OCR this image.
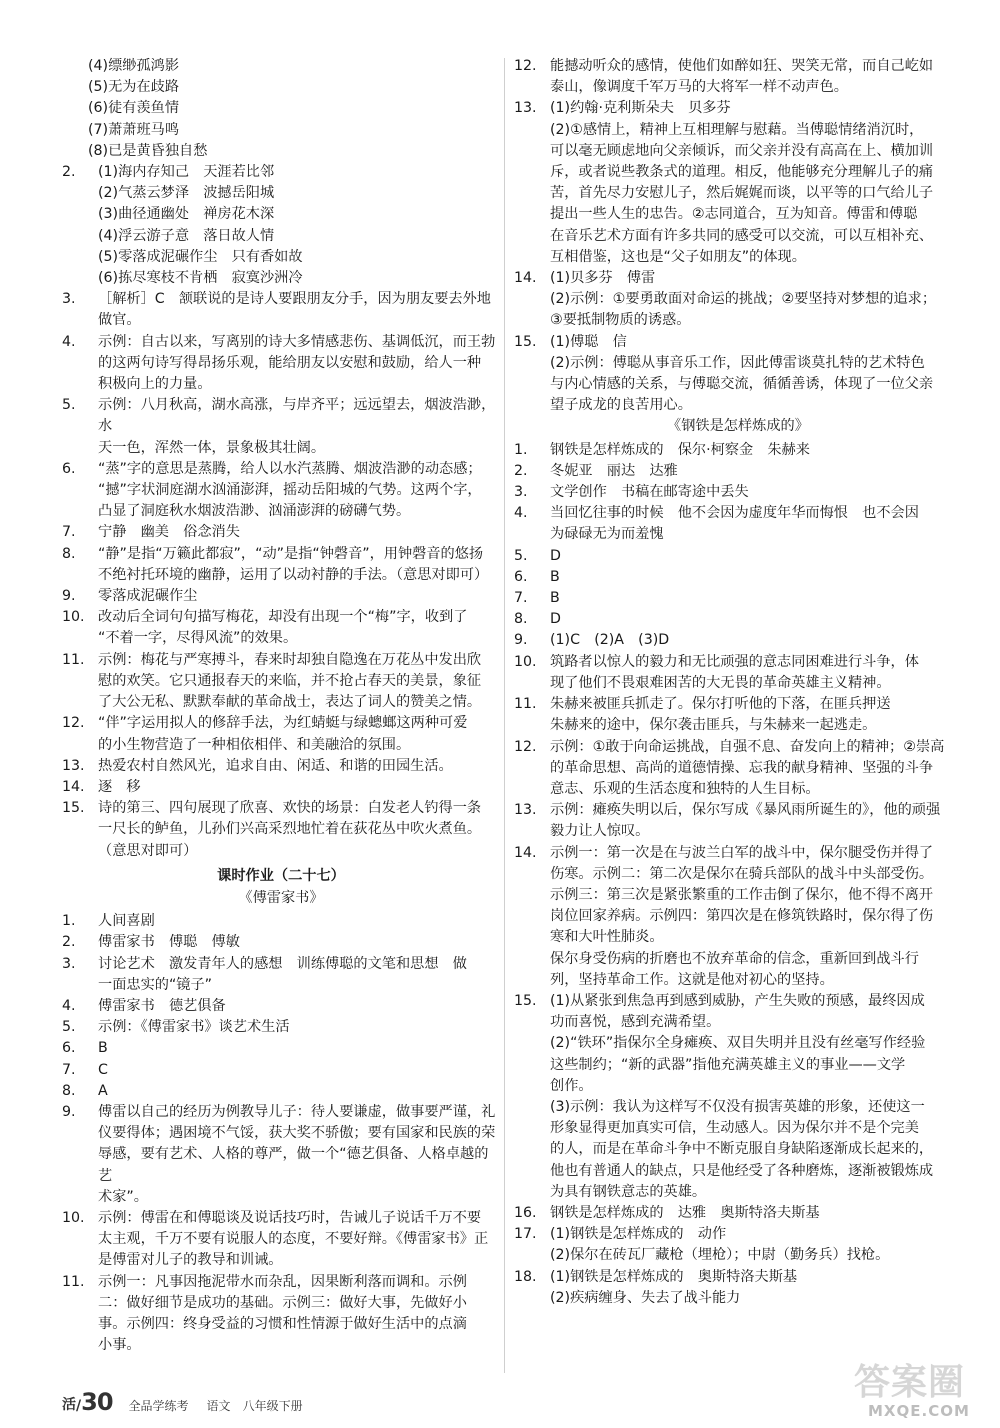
(4)缥缈孤鸿影
(5)无为在歧路
(6)徒有羡鱼情
(7)萧萧班马鸣
(8)已是黄昏独自愁
2.	(1)海内存知己　天涯若比邻
(2)气蒸云梦泽　波撼岳阳城
(3)曲径通幽处　禅房花木深
(4)浮云游子意　落日故人情
(5)零落成泥碾作尘　只有香如故
(6)拣尽寒枝不肯栖　寂寞沙洲冷
3.	［解析］C　颔联说的是诗人要跟朋友分手，因为朋友要去外地
做官。
4.	示例：自古以来，写离别的诗大多情感悲伤、基调低沉，而王勃
的这两句诗写得昂扬乐观，能给朋友以安慰和鼓励，给人一种
积极向上的力量。
5.	示例：八月秋高，湖水高涨，与岸齐平；远远望去，烟波浩渺，水
天一色，浑然一体，景象极其壮阔。
6.	“蒸”字的意思是蒸腾，给人以水汽蒸腾、烟波浩渺的动态感；
“撼”字状洞庭湖水汹涌澎湃，摇动岳阳城的气势。这两个字，
凸显了洞庭秋水烟波浩渺、汹涌澎湃的磅礴气势。
7.	宁静　幽美　俗念消失
8.	“静”是指“万籁此都寂”，“动”是指“钟磬音”，用钟磬音的悠扬
不绝衬托环境的幽静，运用了以动衬静的手法。（意思对即可）
9.	零落成泥碾作尘
10. 改动后全词句句描写梅花，却没有出现一个“梅”字，收到了
“不着一字，尽得风流”的效果。
11. 示例：梅花与严寒搏斗，春来时却独自隐逸在万花丛中发出欣
慰的欢笑。它只通报春天的来临，并不抢占春天的美景，象征
了大公无私、默默奉献的革命战士，表达了词人的赞美之情。
12. “伴”字运用拟人的修辞手法，为红蜻蜓与绿蟌螂这两种可爱
的小生物营造了一种相依相伴、和美融洽的氛围。
13. 热爱农村自然风光，追求自由、闲适、和谐的田园生活。
14. 逐　移
15. 诗的第三、四句展现了欣喜、欢快的场景：白发老人钓得一条
一尺长的鲈鱼，儿孙们兴高采烈地忙着在荻花丛中吹火煮鱼。
（意思对即可）
课时作业（二十七）
《傅雷家书》
1.	人间喜剧
2.	傅雷家书　傅聪　傅敏
3.	讨论艺术　激发青年人的感想　训练傅聪的文笔和思想　做
一面忠实的“镜子”
4.	傅雷家书　德艺俱备
5.	示例：《傅雷家书》谈艺术生活
6.	B
7.	C
8.	A
9.	傅雷以自己的经历为例教导儿子：待人要谦虚，做事要严谨，礼
仪要得体；遇困境不气馁，获大奖不骄傲；要有国家和民族的荣
辱感，要有艺术、人格的尊严，做一个“德艺俱备、人格卓越的艺
术家”。
10. 示例：傅雷在和傅聪谈及说话技巧时，告诫儿子说话千万不要
太主观，千万不要有说服人的态度，不要好辩。《傅雷家书》正
是傅雷对儿子的教导和训诫。
11. 示例一：凡事因拖泥带水而杂乱，因果断利落而调和。示例
二：做好细节是成功的基础。示例三：做好大事，先做好小
事。示例四：终身受益的习惯和性情源于做好生活中的点滴
小事。
12. 能撼动听众的感情，使他们如醉如狂、哭笑无常，而自己屹如
泰山，像调度千军万马的大将军一样不动声色。
13. (1)约翰·克利斯朵夫　贝多芬
(2)①感情上，精神上互相理解与慰藉。当傅聪情绪消沉时，
可以毫无顾虑地向父亲倾诉，而父亲并没有高高在上、横加训
斥，或者说些教条式的道理。相反，他能够充分理解儿子的痛
苦，首先尽力安慰儿子，然后娓娓而谈，以平等的口气给儿子
提出一些人生的忠告。②志同道合，互为知音。傅雷和傅聪
在音乐艺术方面有许多共同的感受可以交流，可以互相补充、
互相借鉴，这也是“父子如朋友”的体现。
14. (1)贝多芬　傅雷
(2)示例：①要勇敢面对命运的挑战；②要坚持对梦想的追求；
③要抵制物质的诱惑。
15. (1)傅聪　信
(2)示例：傅聪从事音乐工作，因此傅雷谈莫扎特的艺术特色
与内心情感的关系，与傅聪交流，循循善诱，体现了一位父亲
望子成龙的良苦用心。
《钢铁是怎样炼成的》
1.	钢铁是怎样炼成的　保尔·柯察金　朱赫来
2.	冬妮亚　丽达　达雅
3.	文学创作　书稿在邮寄途中丢失
4.	当回忆往事的时候　他不会因为虚度年华而悔恨　也不会因
为碌碌无为而羞愧
5.	D
6.	B
7.	B
8.	D
9.	(1)C　(2)A　(3)D
10. 筑路者以惊人的毅力和无比顽强的意志同困难进行斗争，体
现了他们不畏艰难困苦的大无畏的革命英雄主义精神。
11. 朱赫来被匪兵抓走了。保尔打听他的下落，在匪兵押送
朱赫来的途中，保尔袭击匪兵，与朱赫来一起逃走。
12. 示例：①敢于向命运挑战，自强不息、奋发向上的精神；②崇高
的革命思想、高尚的道德情操、忘我的献身精神、坚强的斗争
意志、乐观的生活态度和独特的人生目标。
13. 示例：瘫痪失明以后，保尔写成《暴风雨所诞生的》，他的顽强
毅力让人惊叹。
14. 示例一：第一次是在与波兰白军的战斗中，保尔腿受伤并得了
伤寒。示例二：第二次是保尔在骑兵部队的战斗中头部受伤。
示例三：第三次是紧张繁重的工作击倒了保尔，他不得不离开
岗位回家养病。示例四：第四次是在修筑铁路时，保尔得了伤
寒和大叶性肺炎。
保尔身受伤病的折磨也不放弃革命的信念，重新回到战斗行
列，坚持革命工作。这就是他对初心的坚持。
15. (1)从紧张到焦急再到感到威胁，产生失败的预感，最终因成
功而喜悦，感到充满希望。
(2)“铁环”指保尔全身瘫痪、双目失明并且没有丝毫写作经验
这些制约；“新的武器”指他充满英雄主义的事业——文学
创作。
(3)示例：我认为这样写不仅没有损害英雄的形象，还使这一
形象显得更加真实可信，生动感人。因为保尔并不是个完美
的人，而是在革命斗争中不断克服自身缺陷逐渐成长起来的，
他也有普通人的缺点，只是他经受了各种磨炼，逐渐被锻炼成
为具有钢铁意志的英雄。
16. 钢铁是怎样炼成的　达雅　奥斯特洛夫斯基
17. (1)钢铁是怎样炼成的　动作
(2)保尔在砖瓦厂藏枪（埋枪）；中尉（勤务兵）找枪。
18. (1)钢铁是怎样炼成的　奥斯特洛夫斯基
(2)疾病缠身、失去了战斗能力
活 / 30 全品学练考 语文 八年级下册
答案圈
MXQE.COM
